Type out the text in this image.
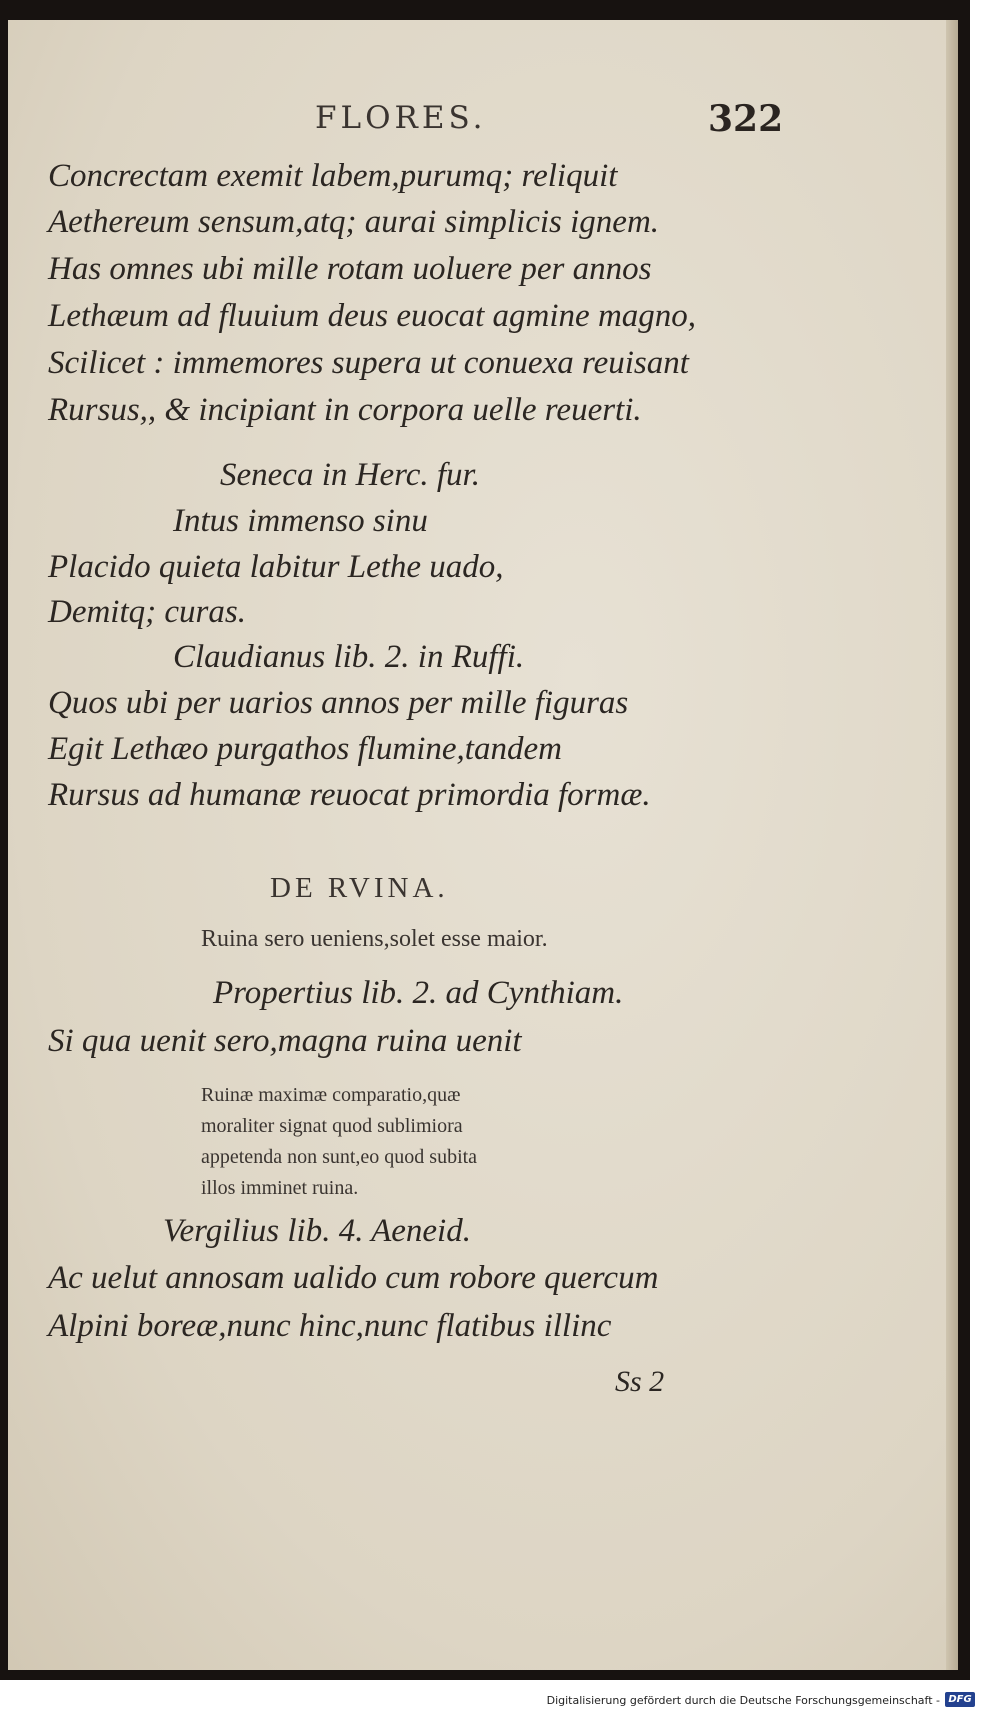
FLORES.	322
Concrectam exemit labem,purumq; reliquit
Aethereum sensum,atq; aurai simplicis ignem.
Has omnes ubi mille rotam uoluere per annos
Lethæum ad fluuium deus euocat agmine magno,
Scilicet : immemores supera ut conuexa reuisant
Rursus,, & incipiant in corpora uelle reuerti.
Seneca in Herc. fur.
Intus immenso sinu
Placido quieta labitur Lethe uado,
Demitq; curas.
Claudianus lib. 2. in Ruffi.
Quos ubi per uarios annos per mille figuras
Egit Lethæo purgathos flumine,tandem
Rursus ad humanæ reuocat primordia formæ.
DE RVINA.
Ruina sero ueniens,solet esse maior.
Propertius lib. 2. ad Cynthiam.
Si qua uenit sero,magna ruina uenit
Ruinæ maximæ comparatio,quæ
moraliter signat quod sublimiora
appetenda non sunt,eo quod subita
illos imminet ruina.
Vergilius lib. 4. Aeneid.
Ac uelut annosam ualido cum robore quercum
Alpini boreæ,nunc hinc,nunc flatibus illinc
Ss 2
Digitalisierung gefördert durch die Deutsche Forschungsgemeinschaft - DFG
